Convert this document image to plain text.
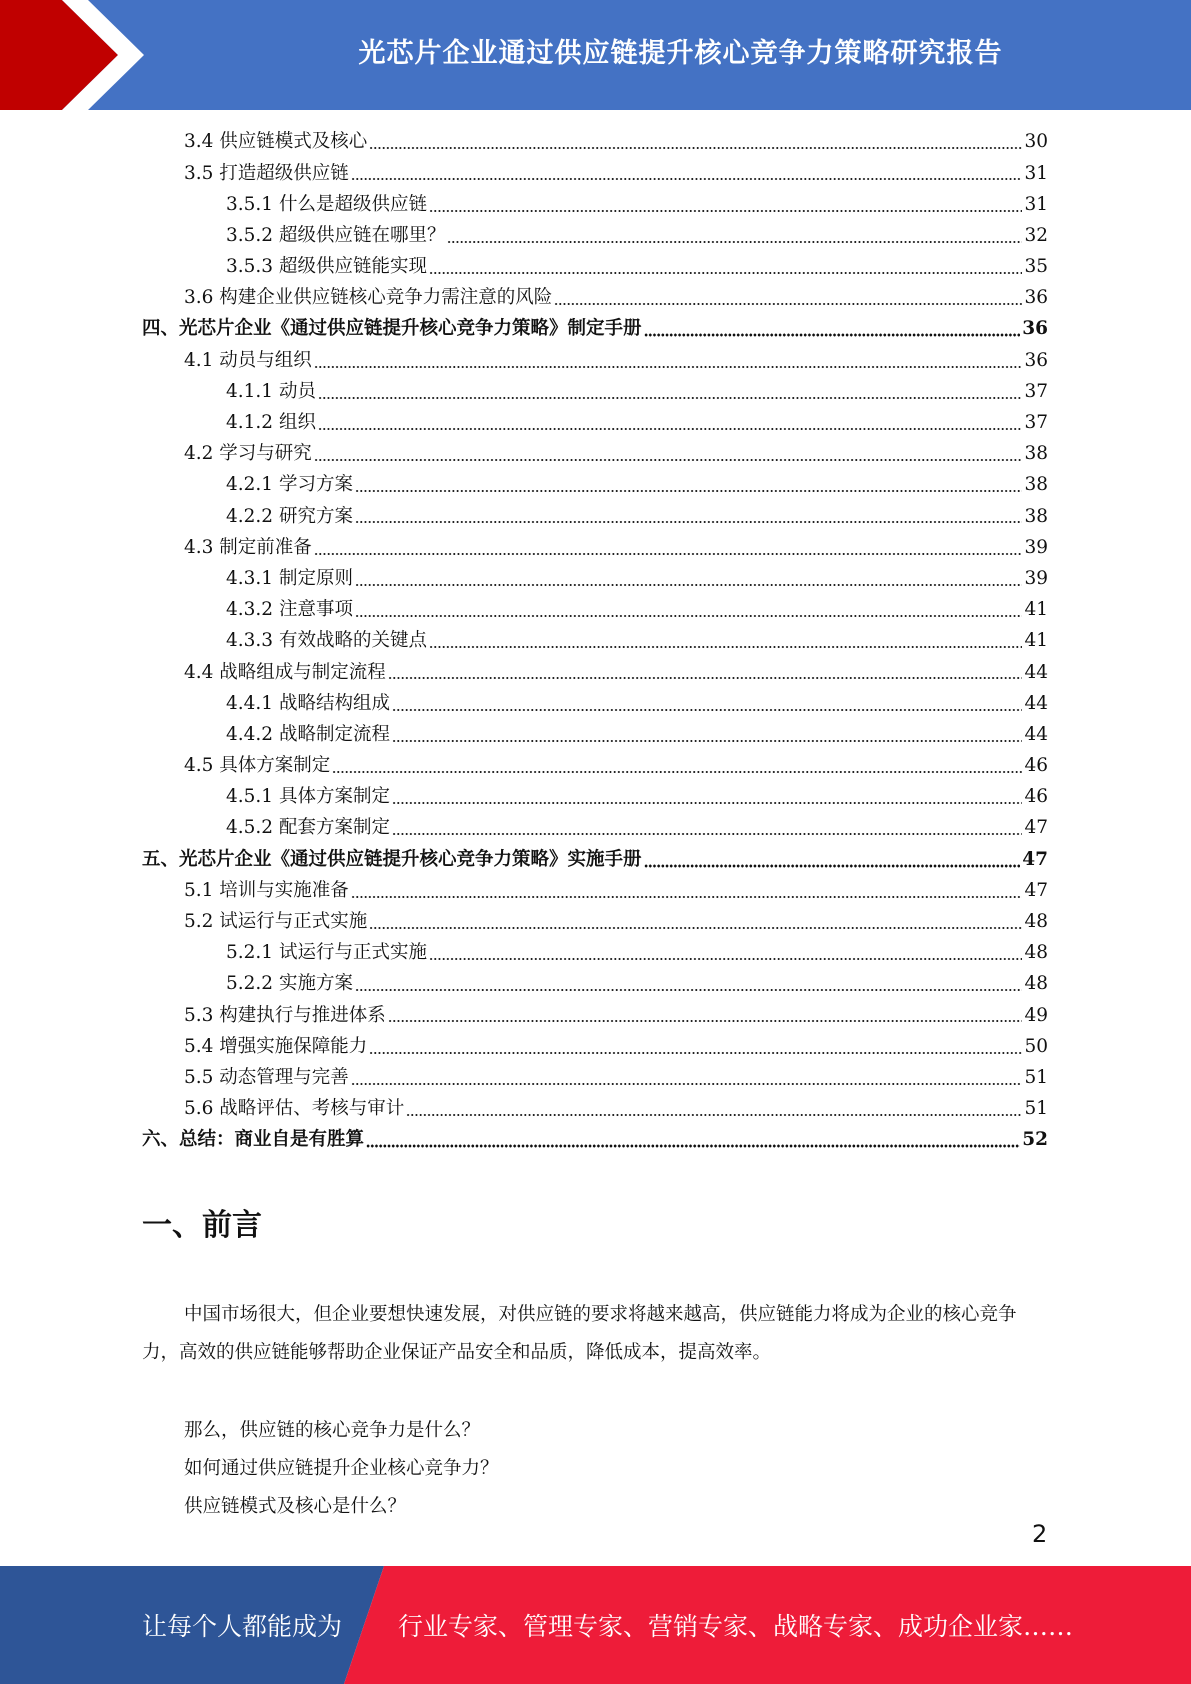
光芯片企业通过供应链提升核心竞争力策略研究报告
3.4 供应链模式及核心	30
3.5 打造超级供应链	31
3.5.1 什么是超级供应链	31
3.5.2 超级供应链在哪里？	32
3.5.3 超级供应链能实现	35
3.6 构建企业供应链核心竞争力需注意的风险	36
四、光芯片企业《通过供应链提升核心竞争力策略》制定手册	36
4.1 动员与组织	36
4.1.1 动员	37
4.1.2 组织	37
4.2 学习与研究	38
4.2.1 学习方案	38
4.2.2 研究方案	38
4.3 制定前准备	39
4.3.1 制定原则	39
4.3.2 注意事项	41
4.3.3 有效战略的关键点	41
4.4 战略组成与制定流程	44
4.4.1 战略结构组成	44
4.4.2 战略制定流程	44
4.5 具体方案制定	46
4.5.1 具体方案制定	46
4.5.2 配套方案制定	47
五、光芯片企业《通过供应链提升核心竞争力策略》实施手册	47
5.1 培训与实施准备	47
5.2 试运行与正式实施	48
5.2.1 试运行与正式实施	48
5.2.2 实施方案	48
5.3 构建执行与推进体系	49
5.4 增强实施保障能力	50
5.5 动态管理与完善	51
5.6 战略评估、考核与审计	51
六、总结：商业自是有胜算	52
一、前言

中国市场很大，但企业要想快速发展，对供应链的要求将越来越高，供应链能力将成为企业的核心竞争力，高效的供应链能够帮助企业保证产品安全和品质，降低成本，提高效率。

那么，供应链的核心竞争力是什么？
如何通过供应链提升企业核心竞争力？
供应链模式及核心是什么？
2
让每个人都能成为 行业专家、管理专家、营销专家、战略专家、成功企业家……
